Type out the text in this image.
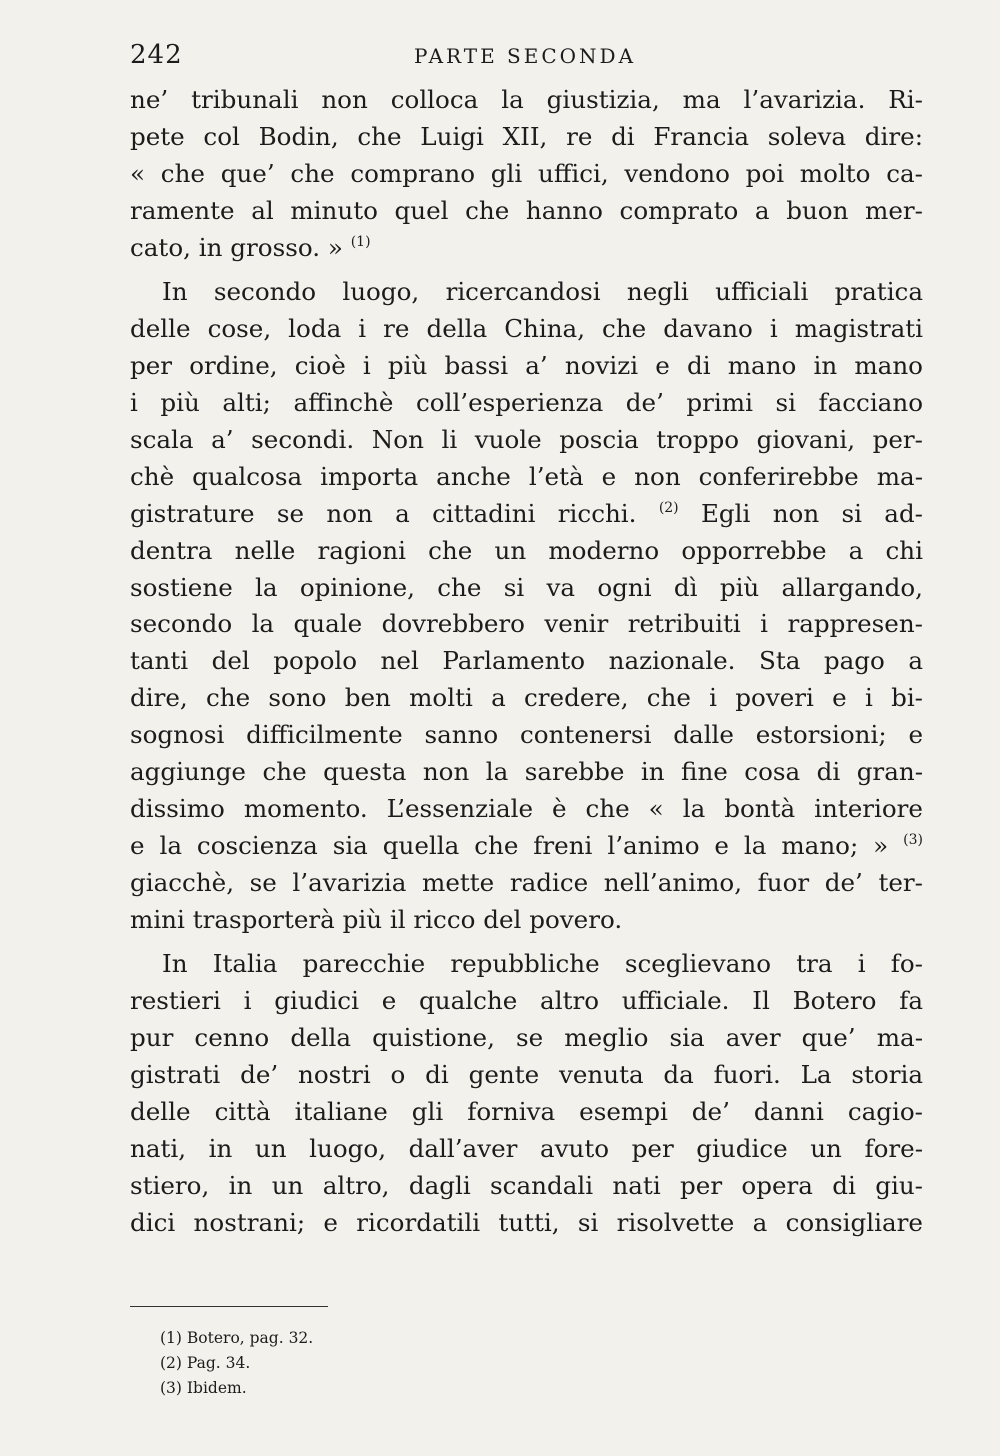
242	PARTE SECONDA
ne’ tribunali non colloca la giustizia, ma l’avarizia. Ri-
pete col Bodin, che Luigi XII, re di Francia soleva dire:
« che que’ che comprano gli uffici, vendono poi molto ca-
ramente al minuto quel che hanno comprato a buon mer-
cato, in grosso. » $^{(1)}$
In secondo luogo, ricercandosi negli ufficiali pratica
delle cose, loda i re della China, che davano i magistrati
per ordine, cioè i più bassi a’ novizi e di mano in mano
i più alti; affinchè coll’esperienza de’ primi si facciano
scala a’ secondi. Non li vuole poscia troppo giovani, per-
chè qualcosa importa anche l’età e non conferirebbe ma-
gistrature se non a cittadini ricchi. $^{(2)}$ Egli non si ad-
dentra nelle ragioni che un moderno opporrebbe a chi
sostiene la opinione, che si va ogni dì più allargando,
secondo la quale dovrebbero venir retribuiti i rappresen-
tanti del popolo nel Parlamento nazionale. Sta pago a
dire, che sono ben molti a credere, che i poveri e i bi-
sognosi difficilmente sanno contenersi dalle estorsioni; e
aggiunge che questa non la sarebbe in fine cosa di gran-
dissimo momento. L’essenziale è che « la bontà interiore
e la coscienza sia quella che freni l’animo e la mano; » $^{(3)}$
giacchè, se l’avarizia mette radice nell’animo, fuor de’ ter-
mini trasporterà più il ricco del povero.
In Italia parecchie repubbliche sceglievano tra i fo-
restieri i giudici e qualche altro ufficiale. Il Botero fa
pur cenno della quistione, se meglio sia aver que’ ma-
gistrati de’ nostri o di gente venuta da fuori. La storia
delle città italiane gli forniva esempi de’ danni cagio-
nati, in un luogo, dall’aver avuto per giudice un fore-
stiero, in un altro, dagli scandali nati per opera di giu-
dici nostrani; e ricordatili tutti, si risolvette a consigliare
(1) Botero, pag. 32.
(2) Pag. 34.
(3) Ibidem.
